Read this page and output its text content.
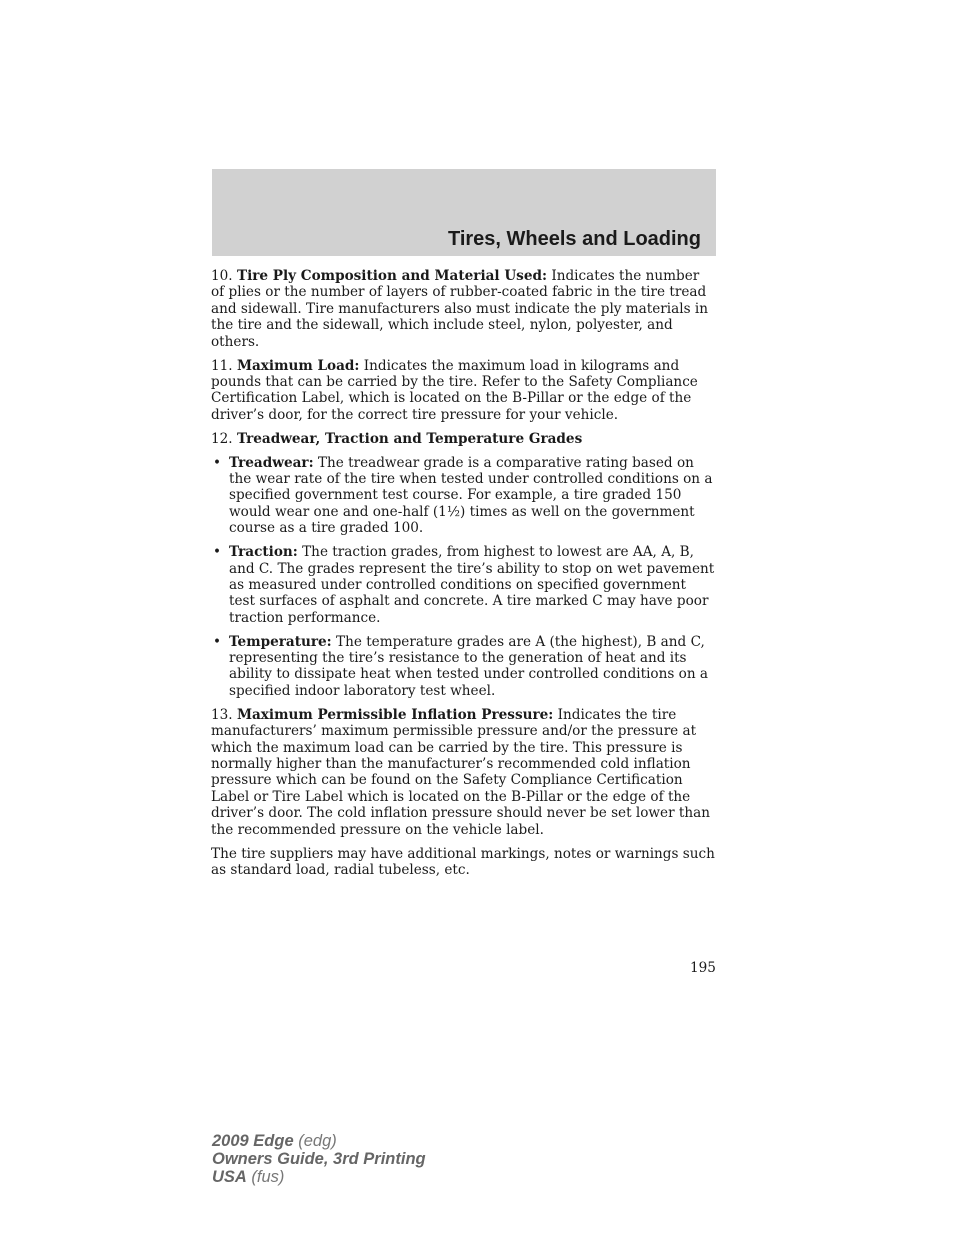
Tires, Wheels and Loading

10. Tire Ply Composition and Material Used: Indicates the number of plies or the number of layers of rubber-coated fabric in the tire tread and sidewall. Tire manufacturers also must indicate the ply materials in the tire and the sidewall, which include steel, nylon, polyester, and others.

11. Maximum Load: Indicates the maximum load in kilograms and pounds that can be carried by the tire. Refer to the Safety Compliance Certification Label, which is located on the B-Pillar or the edge of the driver’s door, for the correct tire pressure for your vehicle.

12. Treadwear, Traction and Temperature Grades

• Treadwear: The treadwear grade is a comparative rating based on the wear rate of the tire when tested under controlled conditions on a specified government test course. For example, a tire graded 150 would wear one and one-half (1½) times as well on the government course as a tire graded 100.
• Traction: The traction grades, from highest to lowest are AA, A, B, and C. The grades represent the tire’s ability to stop on wet pavement as measured under controlled conditions on specified government test surfaces of asphalt and concrete. A tire marked C may have poor traction performance.
• Temperature: The temperature grades are A (the highest), B and C, representing the tire’s resistance to the generation of heat and its ability to dissipate heat when tested under controlled conditions on a specified indoor laboratory test wheel.

13. Maximum Permissible Inflation Pressure: Indicates the tire manufacturers’ maximum permissible pressure and/or the pressure at which the maximum load can be carried by the tire. This pressure is normally higher than the manufacturer’s recommended cold inflation pressure which can be found on the Safety Compliance Certification Label or Tire Label which is located on the B-Pillar or the edge of the driver’s door. The cold inflation pressure should never be set lower than the recommended pressure on the vehicle label.

The tire suppliers may have additional markings, notes or warnings such as standard load, radial tubeless, etc.

195
2009 Edge (edg)
Owners Guide, 3rd Printing
USA (fus)
